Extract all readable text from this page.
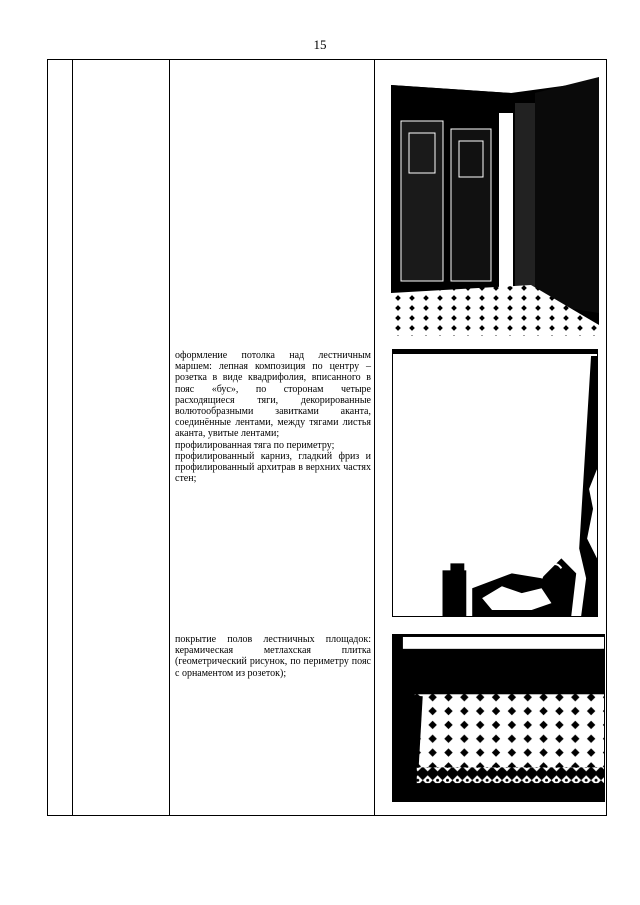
15
оформление потолка над лестничным маршем: лепная композиция по центру – розетка в виде квадрифолия, вписанного в пояс «бус», по сторонам четыре расходящиеся тяги, декорированные волютообразными завитками аканта, соединённые лентами, между тягами листья аканта, увитые лентами;
профилированная тяга по периметру;
профилированный карниз, гладкий фриз и профилированный архитрав в верхних частях стен;
покрытие полов лестничных площадок: керамическая метлахская плитка (геометрический рисунок, по периметру пояс с орнаментом из розеток);
